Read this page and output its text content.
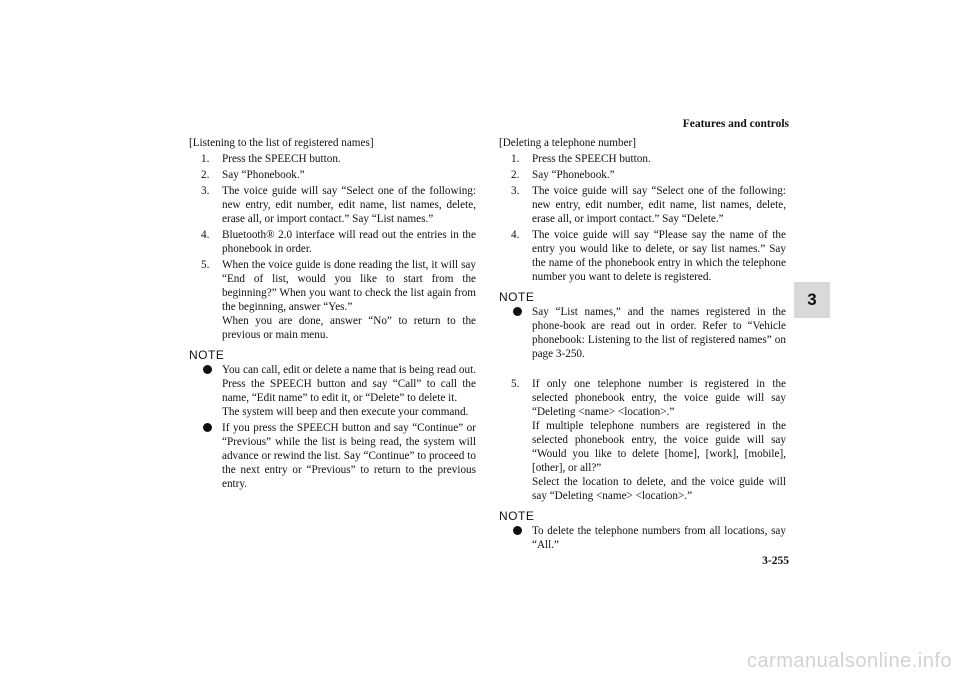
Features and controls
3

[Listening to the list of registered names]

1. Press the SPEECH button.
2. Say “Phonebook.”
3. The voice guide will say “Select one of the following: new entry, edit number, edit name, list names, delete, erase all, or import contact.” Say “List names.”
4. Bluetooth® 2.0 interface will read out the entries in the phonebook in order.
5. When the voice guide is done reading the list, it will say “End of list, would you like to start from the beginning?” When you want to check the list again from the beginning, answer “Yes.”
When you are done, answer “No” to return to the previous or main menu.
NOTE
You can call, edit or delete a name that is being read out. Press the SPEECH button and say “Call” to call the name, “Edit name” to edit it, or “Delete” to delete it.
The system will beep and then execute your command.
If you press the SPEECH button and say “Continue” or “Previous” while the list is being read, the system will advance or rewind the list. Say “Continue” to proceed to the next entry or “Previous” to return to the previous entry.

[Deleting a telephone number]

1. Press the SPEECH button.
2. Say “Phonebook.”
3. The voice guide will say “Select one of the following: new entry, edit number, edit name, list names, delete, erase all, or import contact.” Say “Delete.”
4. The voice guide will say “Please say the name of the entry you would like to delete, or say list names.” Say the name of the phonebook entry in which the telephone number you want to delete is registered.
NOTE
Say “List names,” and the names registered in the phone-book are read out in order. Refer to “Vehicle phonebook: Listening to the list of registered names” on page 3-250.
5. If only one telephone number is registered in the selected phonebook entry, the voice guide will say “Deleting <name> <location>.”
If multiple telephone numbers are registered in the selected phonebook entry, the voice guide will say “Would you like to delete [home], [work], [mobile], [other], or all?”
Select the location to delete, and the voice guide will say “Deleting <name> <location>.”
NOTE
To delete the telephone numbers from all locations, say “All.”
3-255
carmanualsonline.info
